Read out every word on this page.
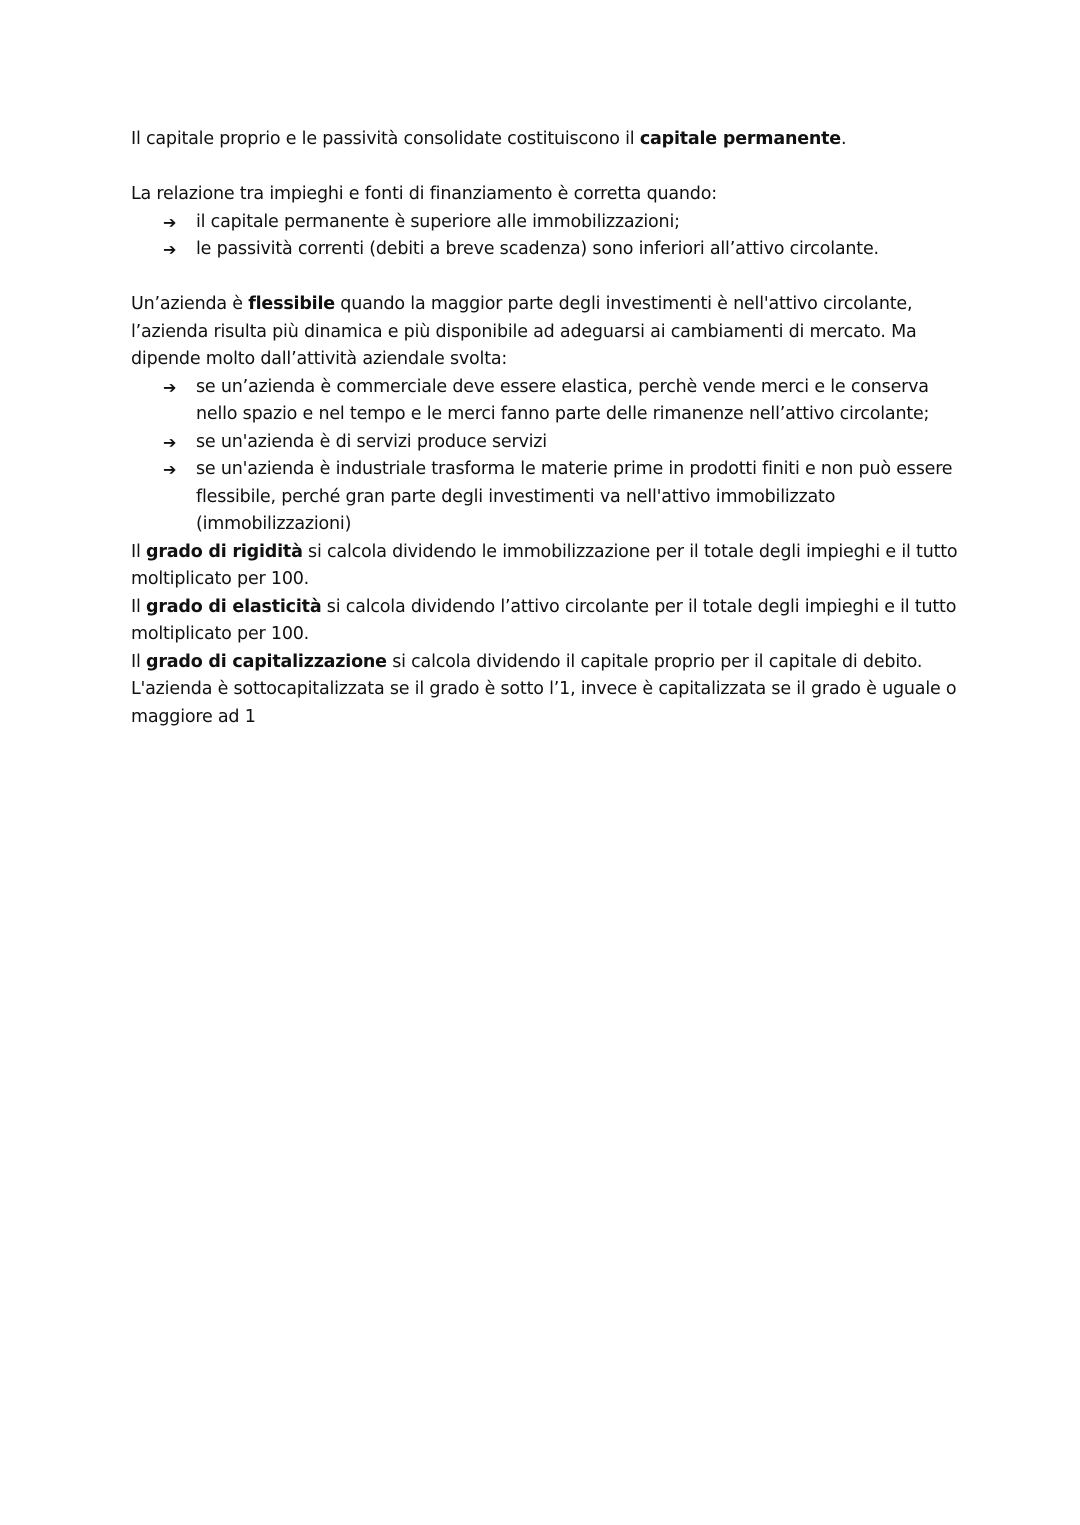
Il capitale proprio e le passività consolidate costituiscono il capitale permanente.

La relazione tra impieghi e fonti di finanziamento è corretta quando:

➔ il capitale permanente è superiore alle immobilizzazioni;
➔ le passività correnti (debiti a breve scadenza) sono inferiori all’attivo circolante.

Un’azienda è flessibile quando la maggior parte degli investimenti è nell'attivo circolante, l’azienda risulta più dinamica e più disponibile ad adeguarsi ai cambiamenti di mercato. Ma dipende molto dall’attività aziendale svolta:

➔ se un’azienda è commerciale deve essere elastica, perchè vende merci e le conserva nello spazio e nel tempo e le merci fanno parte delle rimanenze nell’attivo circolante;
➔ se un'azienda è di servizi produce servizi
➔ se un'azienda è industriale trasforma le materie prime in prodotti finiti e non può essere flessibile, perché gran parte degli investimenti va nell'attivo immobilizzato (immobilizzazioni)

Il grado di rigidità si calcola dividendo le immobilizzazione per il totale degli impieghi e il tutto moltiplicato per 100.

Il grado di elasticità si calcola dividendo l’attivo circolante per il totale degli impieghi e il tutto moltiplicato per 100.

Il grado di capitalizzazione si calcola dividendo il capitale proprio per il capitale di debito.

L'azienda è sottocapitalizzata se il grado è sotto l’1, invece è capitalizzata se il grado è uguale o maggiore ad 1
